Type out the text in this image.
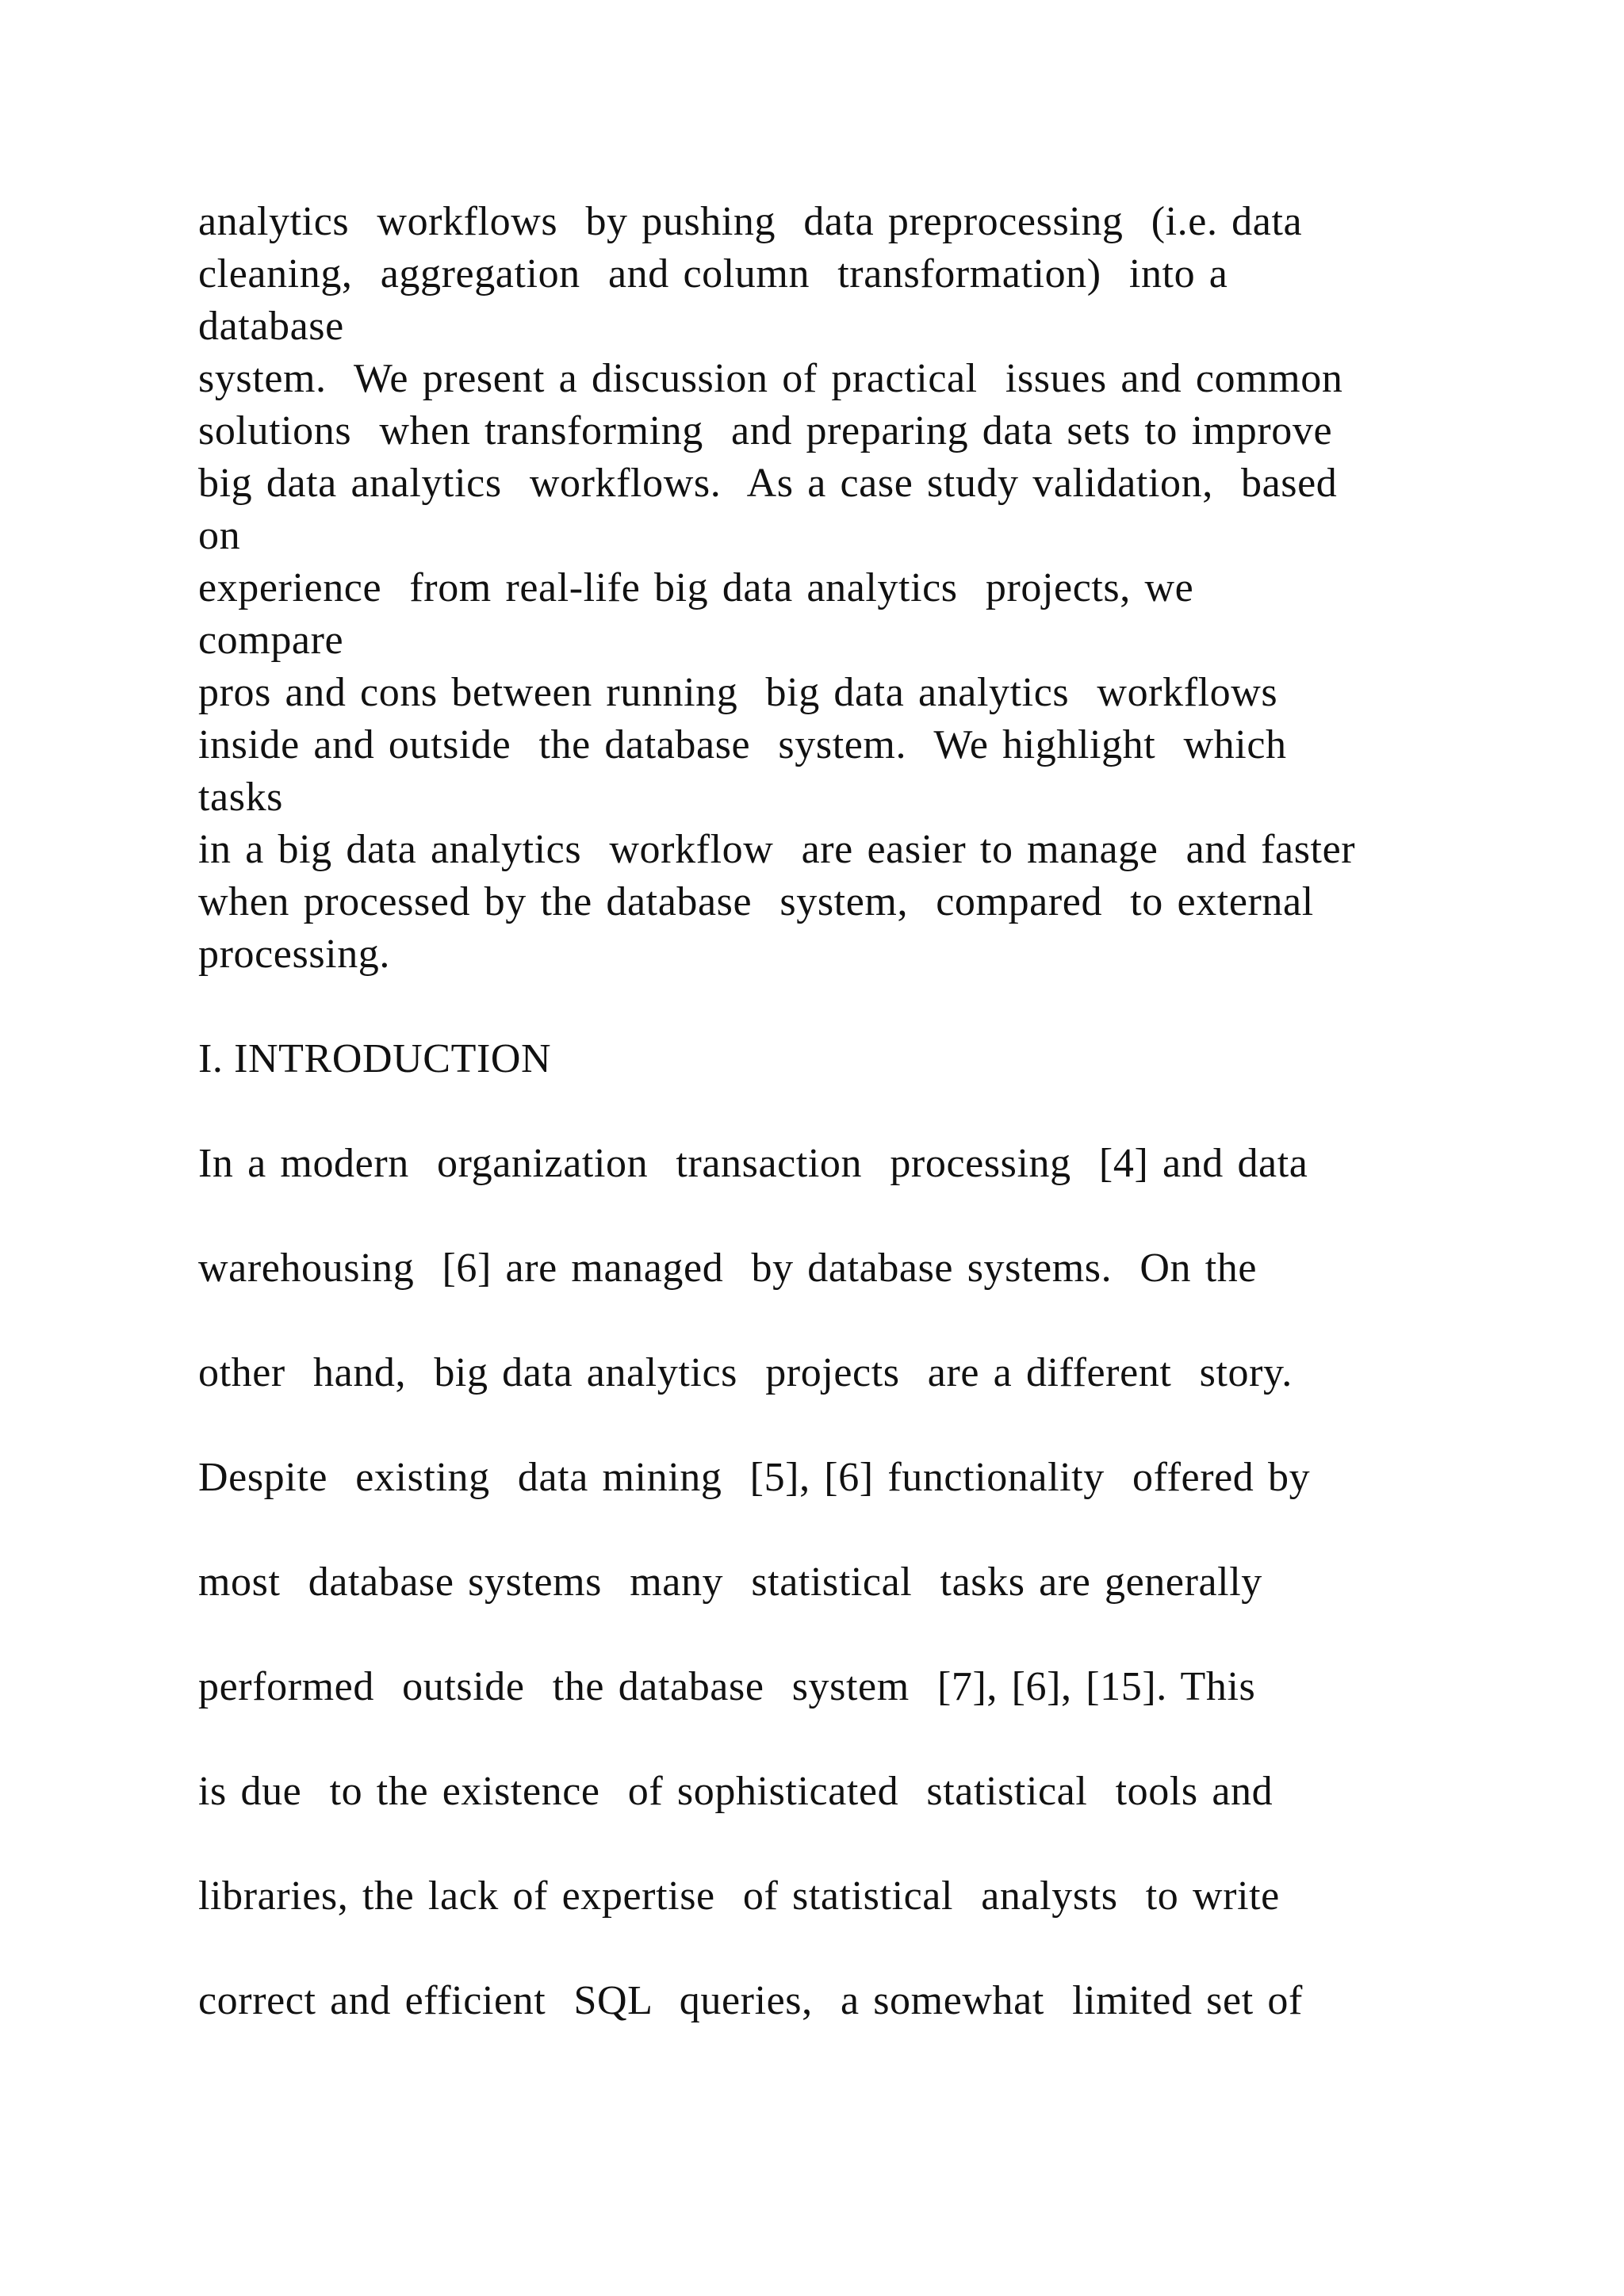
analytics  workflows  by pushing  data preprocessing  (i.e. data
cleaning,  aggregation  and column  transformation)  into a
database
system.  We present a discussion of practical  issues and common
solutions  when transforming  and preparing data sets to improve
big data analytics  workflows.  As a case study validation,  based
on
experience  from real-life big data analytics  projects, we
compare
pros and cons between running  big data analytics  workflows
inside and outside  the database  system.  We highlight  which
tasks
in a big data analytics  workflow  are easier to manage  and faster
when processed by the database  system,  compared  to external
processing.
I. INTRODUCTION
In a modern  organization  transaction  processing  [4] and data
warehousing  [6] are managed  by database systems.  On the
other  hand,  big data analytics  projects  are a different  story.
Despite  existing  data mining  [5], [6] functionality  offered by
most  database systems  many  statistical  tasks are generally
performed  outside  the database  system  [7], [6], [15]. This
is due  to the existence  of sophisticated  statistical  tools and
libraries, the lack of expertise  of statistical  analysts  to write
correct and efficient  SQL  queries,  a somewhat  limited set of
